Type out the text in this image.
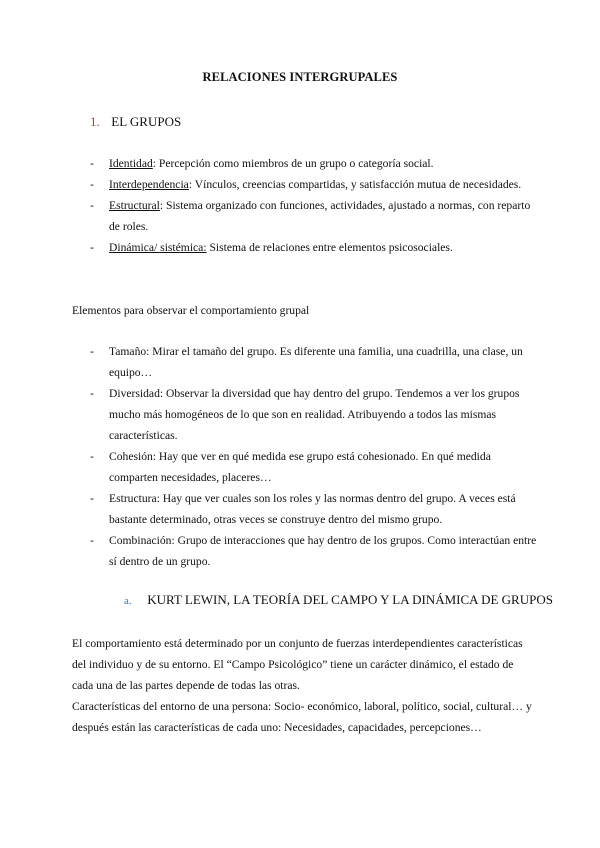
RELACIONES INTERGRUPALES
1. EL GRUPOS
- Identidad: Percepción como miembros de un grupo o categoría social.
- Interdependencia: Vínculos, creencias compartidas, y satisfacción mutua de necesidades.
- Estructural: Sistema organizado con funciones, actividades, ajustado a normas, con reparto de roles.
- Dinámica/ sistémica: Sistema de relaciones entre elementos psicosociales.

Elementos para observar el comportamiento grupal

- Tamaño: Mirar el tamaño del grupo. Es diferente una familia, una cuadrilla, una clase, un equipo…
- Diversidad: Observar la diversidad que hay dentro del grupo. Tendemos a ver los grupos mucho más homogéneos de lo que son en realidad. Atribuyendo a todos las mismas características.
- Cohesión: Hay que ver en qué medida ese grupo está cohesionado. En qué medida comparten necesidades, placeres…
- Estructura: Hay que ver cuales son los roles y las normas dentro del grupo. A veces está bastante determinado, otras veces se construye dentro del mismo grupo.
- Combinación: Grupo de interacciones que hay dentro de los grupos. Como interactúan entre sí dentro de un grupo.
a. KURT LEWIN, LA TEORÍA DEL CAMPO Y LA DINÁMICA DE GRUPOS

El comportamiento está determinado por un conjunto de fuerzas interdependientes características del individuo y de su entorno. El “Campo Psicológico” tiene un carácter dinámico, el estado de cada una de las partes depende de todas las otras.

Características del entorno de una persona: Socio- económico, laboral, político, social, cultural… y después están las características de cada uno: Necesidades, capacidades, percepciones…
